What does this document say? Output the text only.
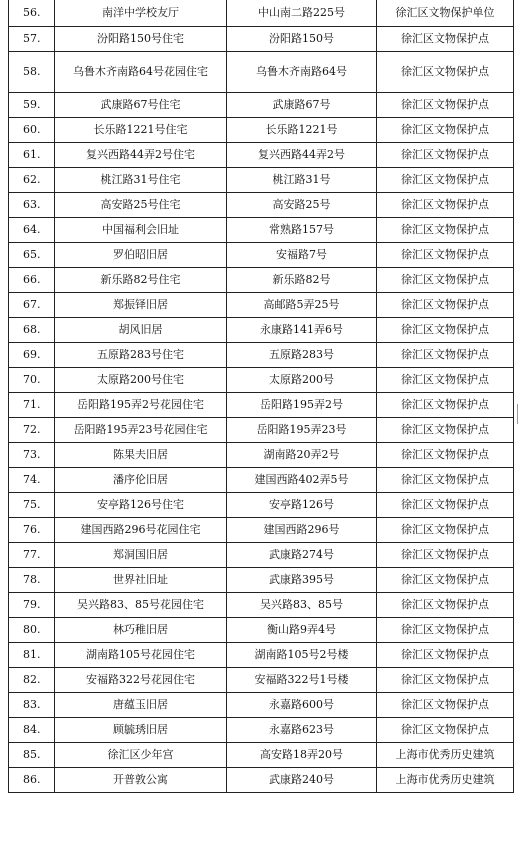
56.	南洋中学校友厅	中山南二路225号	徐汇区文物保护单位
57.	汾阳路150号住宅	汾阳路150号	徐汇区文物保护点
58.	乌鲁木齐南路64号花园住宅	乌鲁木齐南路64号	徐汇区文物保护点
59.	武康路67号住宅	武康路67号	徐汇区文物保护点
60.	长乐路1221号住宅	长乐路1221号	徐汇区文物保护点
61.	复兴西路44弄2号住宅	复兴西路44弄2号	徐汇区文物保护点
62.	桃江路31号住宅	桃江路31号	徐汇区文物保护点
63.	高安路25号住宅	高安路25号	徐汇区文物保护点
64.	中国福利会旧址	常熟路157号	徐汇区文物保护点
65.	罗伯昭旧居	安福路7号	徐汇区文物保护点
66.	新乐路82号住宅	新乐路82号	徐汇区文物保护点
67.	郑振铎旧居	高邮路5弄25号	徐汇区文物保护点
68.	胡风旧居	永康路141弄6号	徐汇区文物保护点
69.	五原路283号住宅	五原路283号	徐汇区文物保护点
70.	太原路200号住宅	太原路200号	徐汇区文物保护点
71.	岳阳路195弄2号花园住宅	岳阳路195弄2号	徐汇区文物保护点
72.	岳阳路195弄23号花园住宅	岳阳路195弄23号	徐汇区文物保护点
73.	陈果夫旧居	湖南路20弄2号	徐汇区文物保护点
74.	潘序伦旧居	建国西路402弄5号	徐汇区文物保护点
75.	安亭路126号住宅	安亭路126号	徐汇区文物保护点
76.	建国西路296号花园住宅	建国西路296号	徐汇区文物保护点
77.	郑洞国旧居	武康路274号	徐汇区文物保护点
78.	世界社旧址	武康路395号	徐汇区文物保护点
79.	吴兴路83、85号花园住宅	吴兴路83、85号	徐汇区文物保护点
80.	林巧稚旧居	衡山路9弄4号	徐汇区文物保护点
81.	湖南路105号花园住宅	湖南路105号2号楼	徐汇区文物保护点
82.	安福路322号花园住宅	安福路322号1号楼	徐汇区文物保护点
83.	唐蕴玉旧居	永嘉路600号	徐汇区文物保护点
84.	顾毓琇旧居	永嘉路623号	徐汇区文物保护点
85.	徐汇区少年宫	高安路18弄20号	上海市优秀历史建筑
86.	开普敦公寓	武康路240号	上海市优秀历史建筑
